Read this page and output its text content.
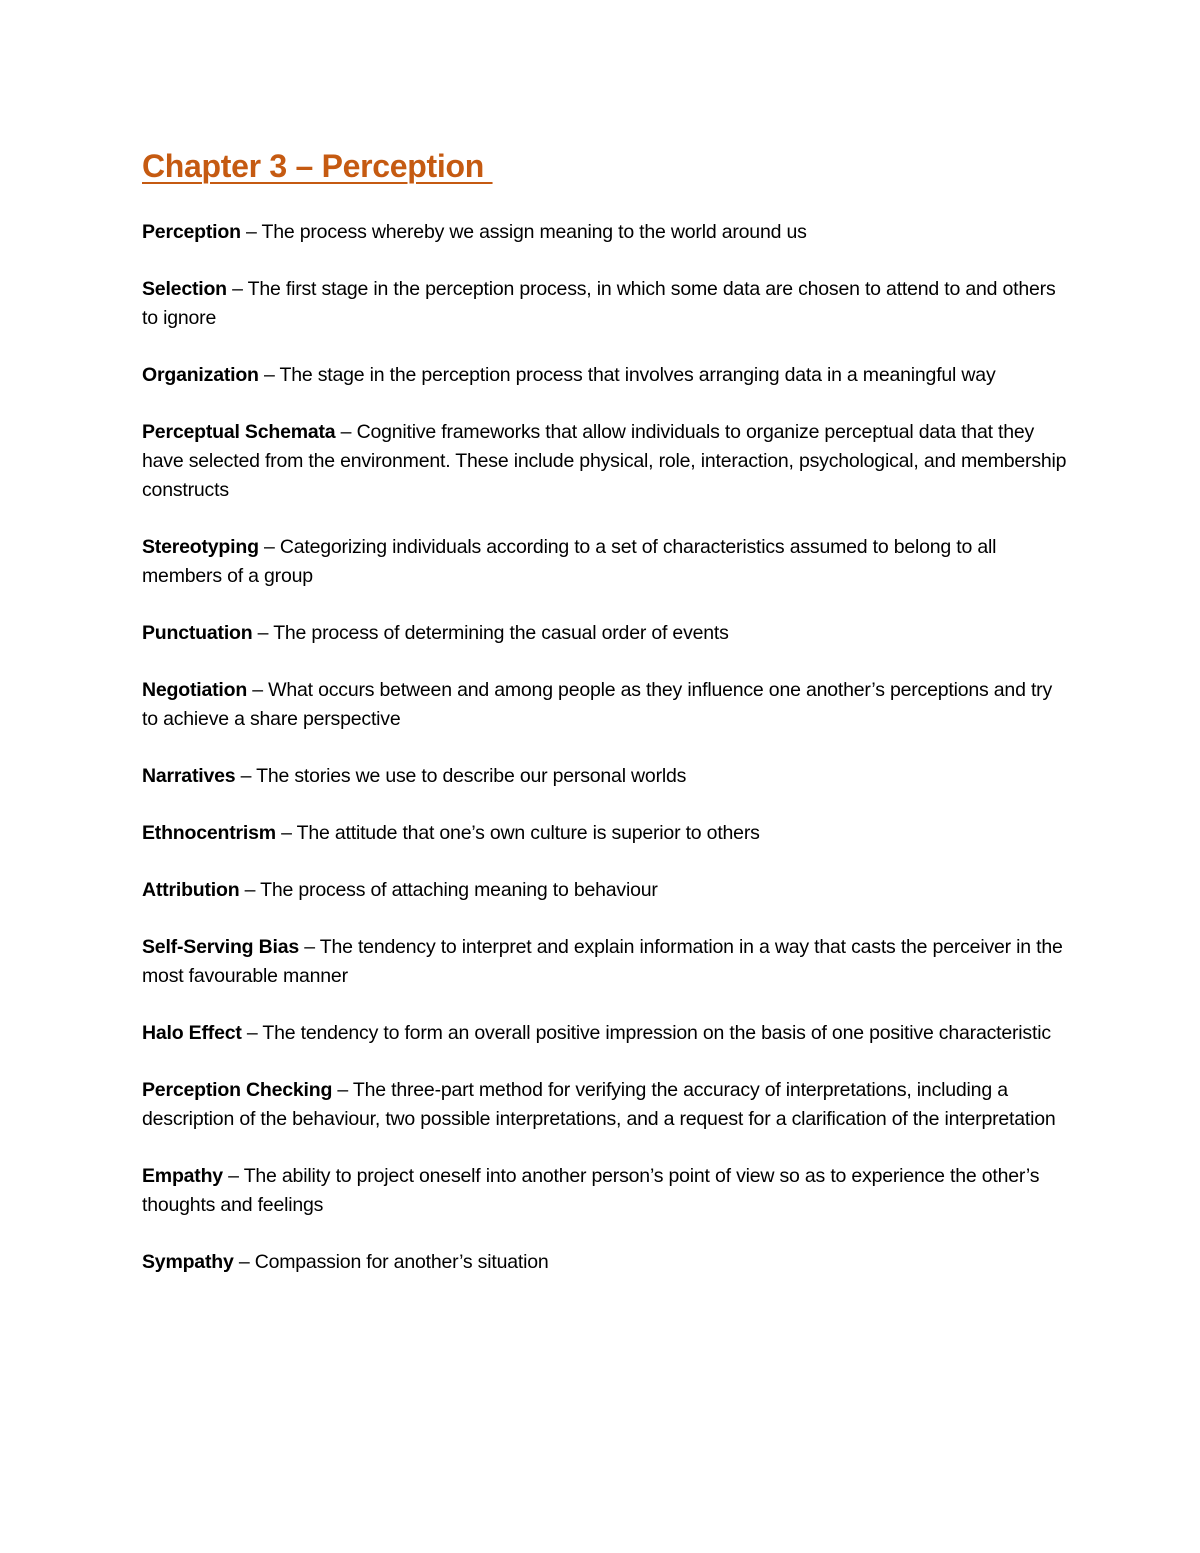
Chapter 3 – Perception
Perception – The process whereby we assign meaning to the world around us
Selection – The first stage in the perception process, in which some data are chosen to attend to and others to ignore
Organization – The stage in the perception process that involves arranging data in a meaningful way
Perceptual Schemata – Cognitive frameworks that allow individuals to organize perceptual data that they have selected from the environment. These include physical, role, interaction, psychological, and membership constructs
Stereotyping – Categorizing individuals according to a set of characteristics assumed to belong to all members of a group
Punctuation – The process of determining the casual order of events
Negotiation – What occurs between and among people as they influence one another’s perceptions and try to achieve a share perspective
Narratives – The stories we use to describe our personal worlds
Ethnocentrism – The attitude that one’s own culture is superior to others
Attribution – The process of attaching meaning to behaviour
Self-Serving Bias – The tendency to interpret and explain information in a way that casts the perceiver in the most favourable manner
Halo Effect – The tendency to form an overall positive impression on the basis of one positive characteristic
Perception Checking – The three-part method for verifying the accuracy of interpretations, including a description of the behaviour, two possible interpretations, and a request for a clarification of the interpretation
Empathy – The ability to project oneself into another person’s point of view so as to experience the other’s thoughts and feelings
Sympathy – Compassion for another’s situation
